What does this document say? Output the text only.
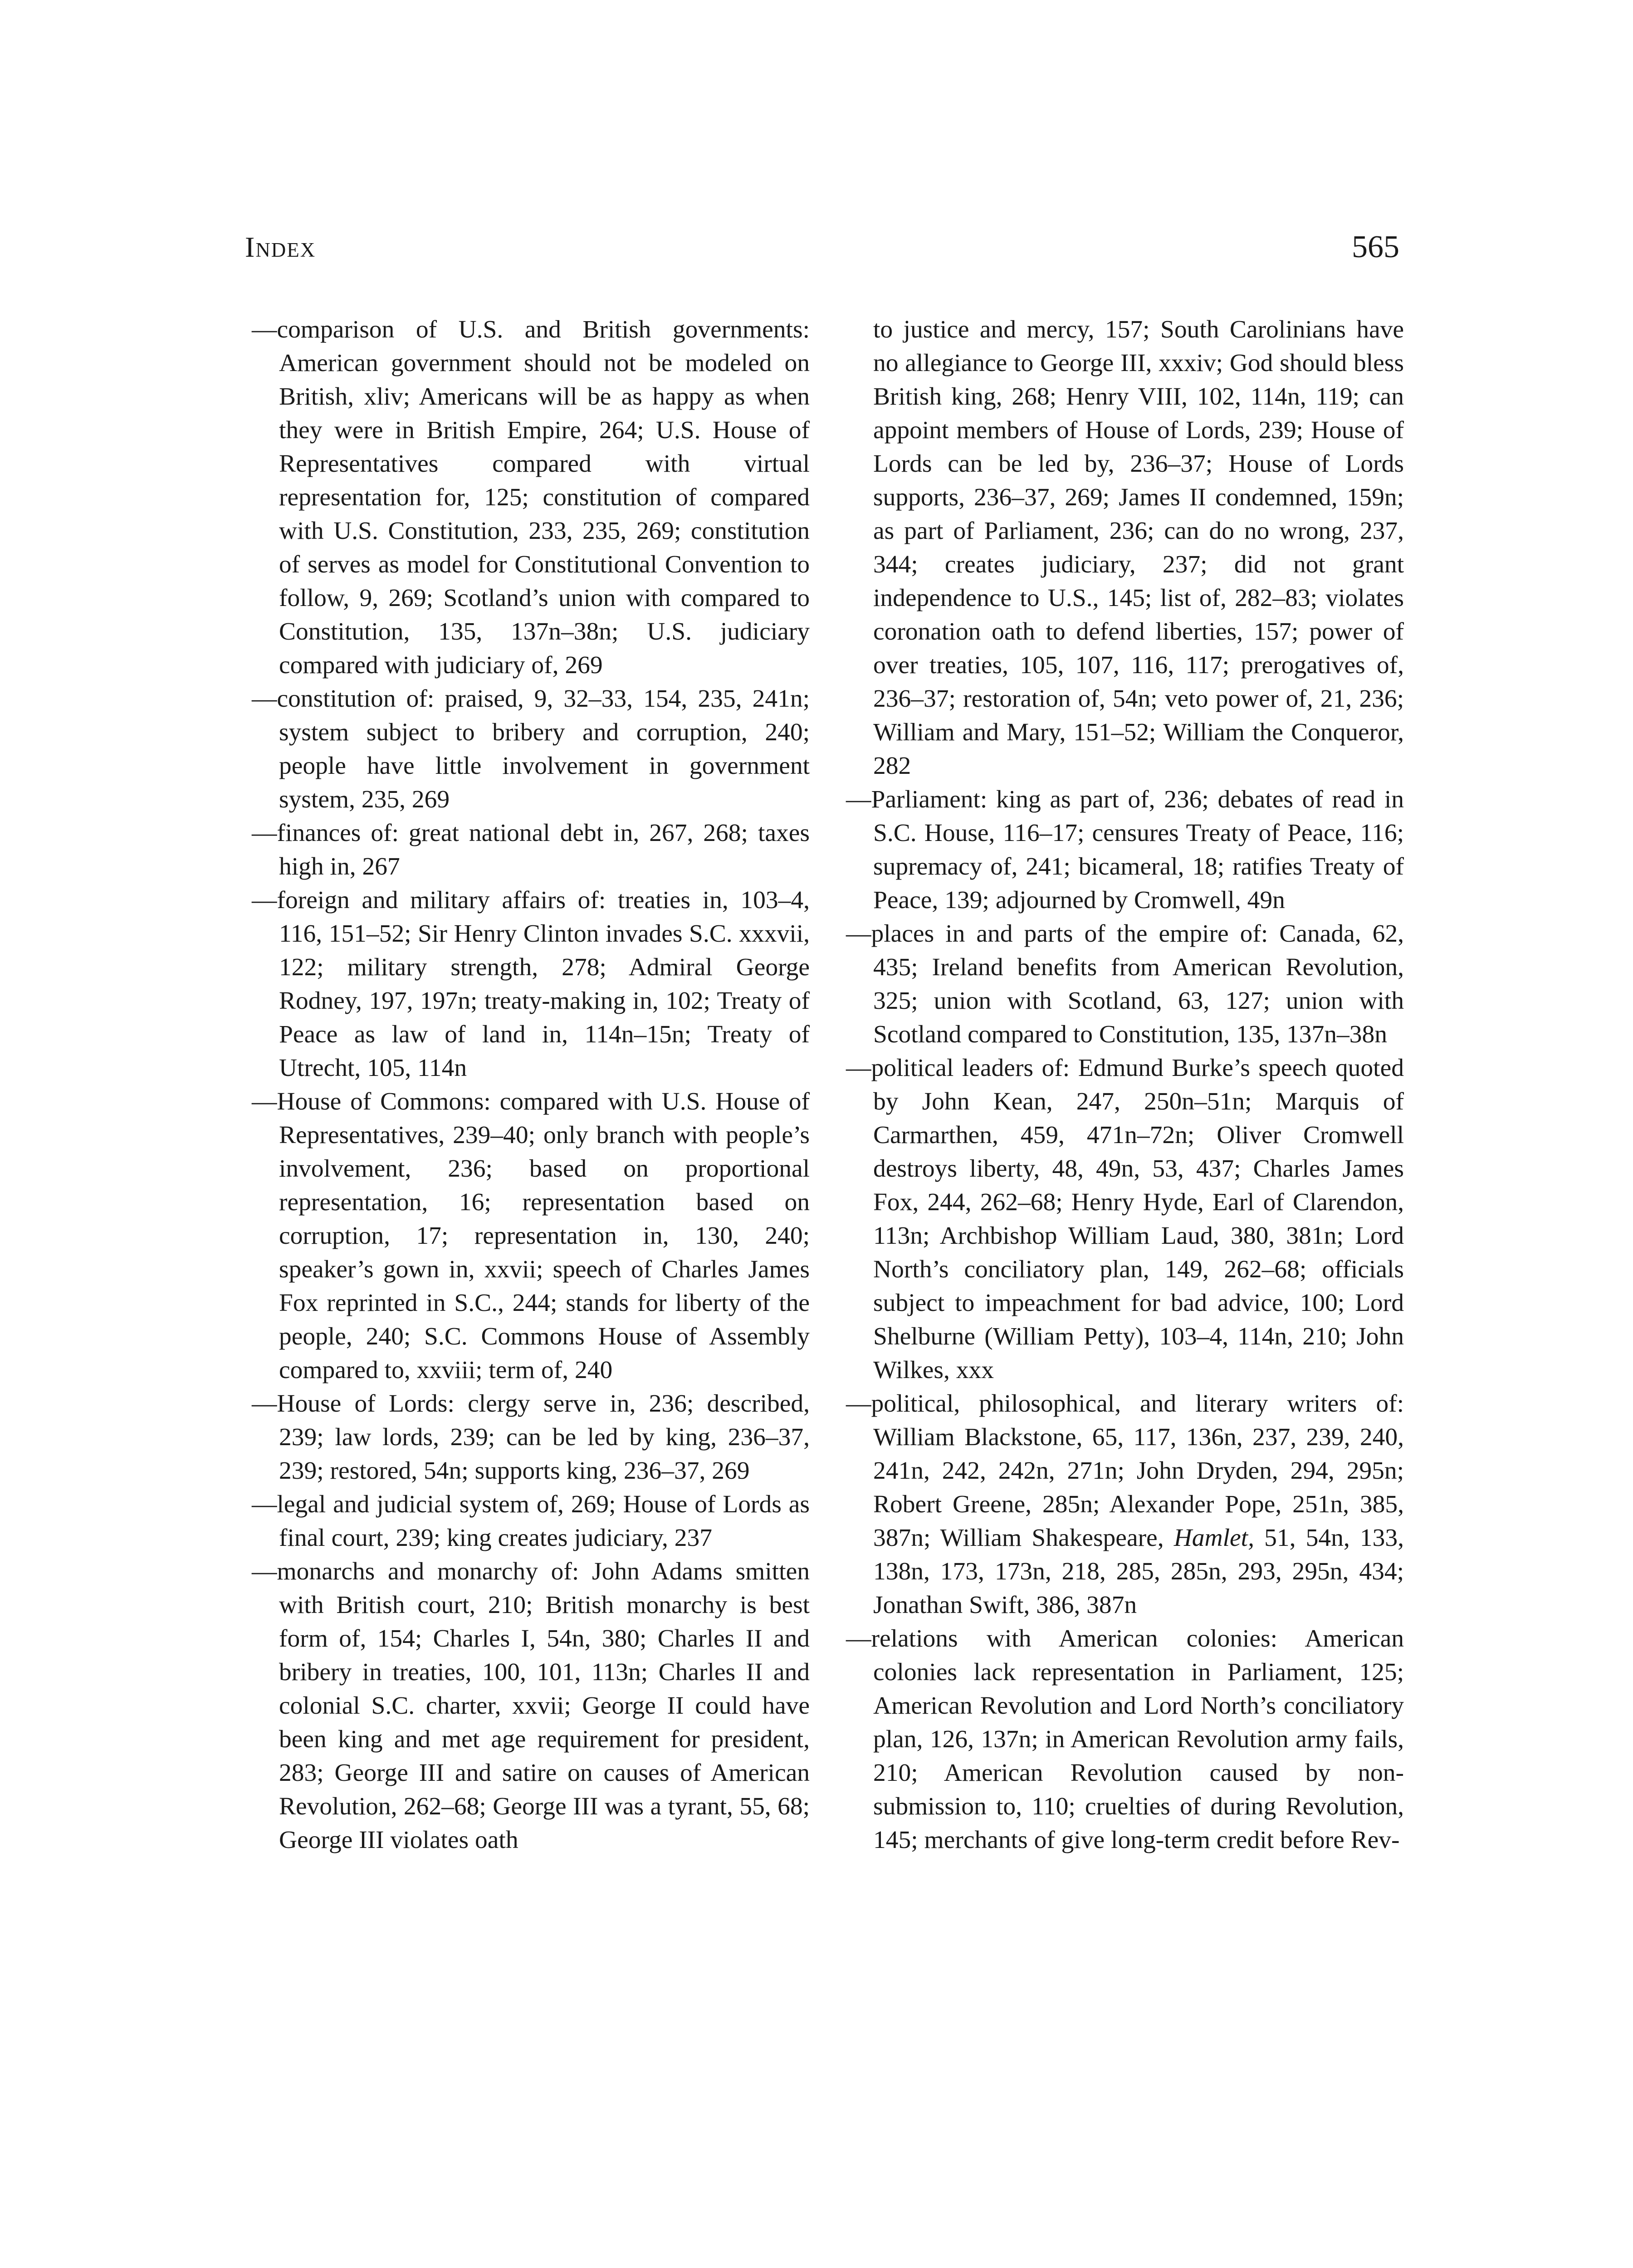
Index	565

—comparison of U.S. and British governments: American government should not be modeled on British, xliv; Americans will be as happy as when they were in British Empire, 264; U.S. House of Representatives compared with virtual representation for, 125; constitution of compared with U.S. Constitution, 233, 235, 269; constitution of serves as model for Constitutional Convention to follow, 9, 269; Scotland’s union with compared to Constitution, 135, 137n–38n; U.S. judiciary compared with judiciary of, 269

—constitution of: praised, 9, 32–33, 154, 235, 241n; system subject to bribery and corruption, 240; people have little involvement in government system, 235, 269

—finances of: great national debt in, 267, 268; taxes high in, 267

—foreign and military affairs of: treaties in, 103–4, 116, 151–52; Sir Henry Clinton invades S.C. xxxvii, 122; military strength, 278; Admiral George Rodney, 197, 197n; treaty-making in, 102; Treaty of Peace as law of land in, 114n–15n; Treaty of Utrecht, 105, 114n

—House of Commons: compared with U.S. House of Representatives, 239–40; only branch with people’s involvement, 236; based on proportional representation, 16; representation based on corruption, 17; representation in, 130, 240; speaker’s gown in, xxvii; speech of Charles James Fox reprinted in S.C., 244; stands for liberty of the people, 240; S.C. Commons House of Assembly compared to, xxviii; term of, 240

—House of Lords: clergy serve in, 236; described, 239; law lords, 239; can be led by king, 236–37, 239; restored, 54n; supports king, 236–37, 269

—legal and judicial system of, 269; House of Lords as final court, 239; king creates judiciary, 237

—monarchs and monarchy of: John Adams smitten with British court, 210; British monarchy is best form of, 154; Charles I, 54n, 380; Charles II and bribery in treaties, 100, 101, 113n; Charles II and colonial S.C. charter, xxvii; George II could have been king and met age requirement for president, 283; George III and satire on causes of American Revolution, 262–68; George III was a tyrant, 55, 68; George III violates oath

to justice and mercy, 157; South Carolinians have no allegiance to George III, xxxiv; God should bless British king, 268; Henry VIII, 102, 114n, 119; can appoint members of House of Lords, 239; House of Lords can be led by, 236–37; House of Lords supports, 236–37, 269; James II condemned, 159n; as part of Parliament, 236; can do no wrong, 237, 344; creates judiciary, 237; did not grant independence to U.S., 145; list of, 282–83; violates coronation oath to defend liberties, 157; power of over treaties, 105, 107, 116, 117; prerogatives of, 236–37; restoration of, 54n; veto power of, 21, 236; William and Mary, 151–52; William the Conqueror, 282

—Parliament: king as part of, 236; debates of read in S.C. House, 116–17; censures Treaty of Peace, 116; supremacy of, 241; bicameral, 18; ratifies Treaty of Peace, 139; adjourned by Cromwell, 49n

—places in and parts of the empire of: Canada, 62, 435; Ireland benefits from American Revolution, 325; union with Scotland, 63, 127; union with Scotland compared to Constitution, 135, 137n–38n

—political leaders of: Edmund Burke’s speech quoted by John Kean, 247, 250n–51n; Marquis of Carmarthen, 459, 471n–72n; Oliver Cromwell destroys liberty, 48, 49n, 53, 437; Charles James Fox, 244, 262–68; Henry Hyde, Earl of Clarendon, 113n; Archbishop William Laud, 380, 381n; Lord North’s conciliatory plan, 149, 262–68; officials subject to impeachment for bad advice, 100; Lord Shelburne (William Petty), 103–4, 114n, 210; John Wilkes, xxx

—political, philosophical, and literary writers of: William Blackstone, 65, 117, 136n, 237, 239, 240, 241n, 242, 242n, 271n; John Dryden, 294, 295n; Robert Greene, 285n; Alexander Pope, 251n, 385, 387n; William Shakespeare, Hamlet, 51, 54n, 133, 138n, 173, 173n, 218, 285, 285n, 293, 295n, 434; Jonathan Swift, 386, 387n

—relations with American colonies: American colonies lack representation in Parliament, 125; American Revolution and Lord North’s conciliatory plan, 126, 137n; in American Revolution army fails, 210; American Revolution caused by non-submission to, 110; cruelties of during Revolution, 145; merchants of give long-term credit before Rev-
